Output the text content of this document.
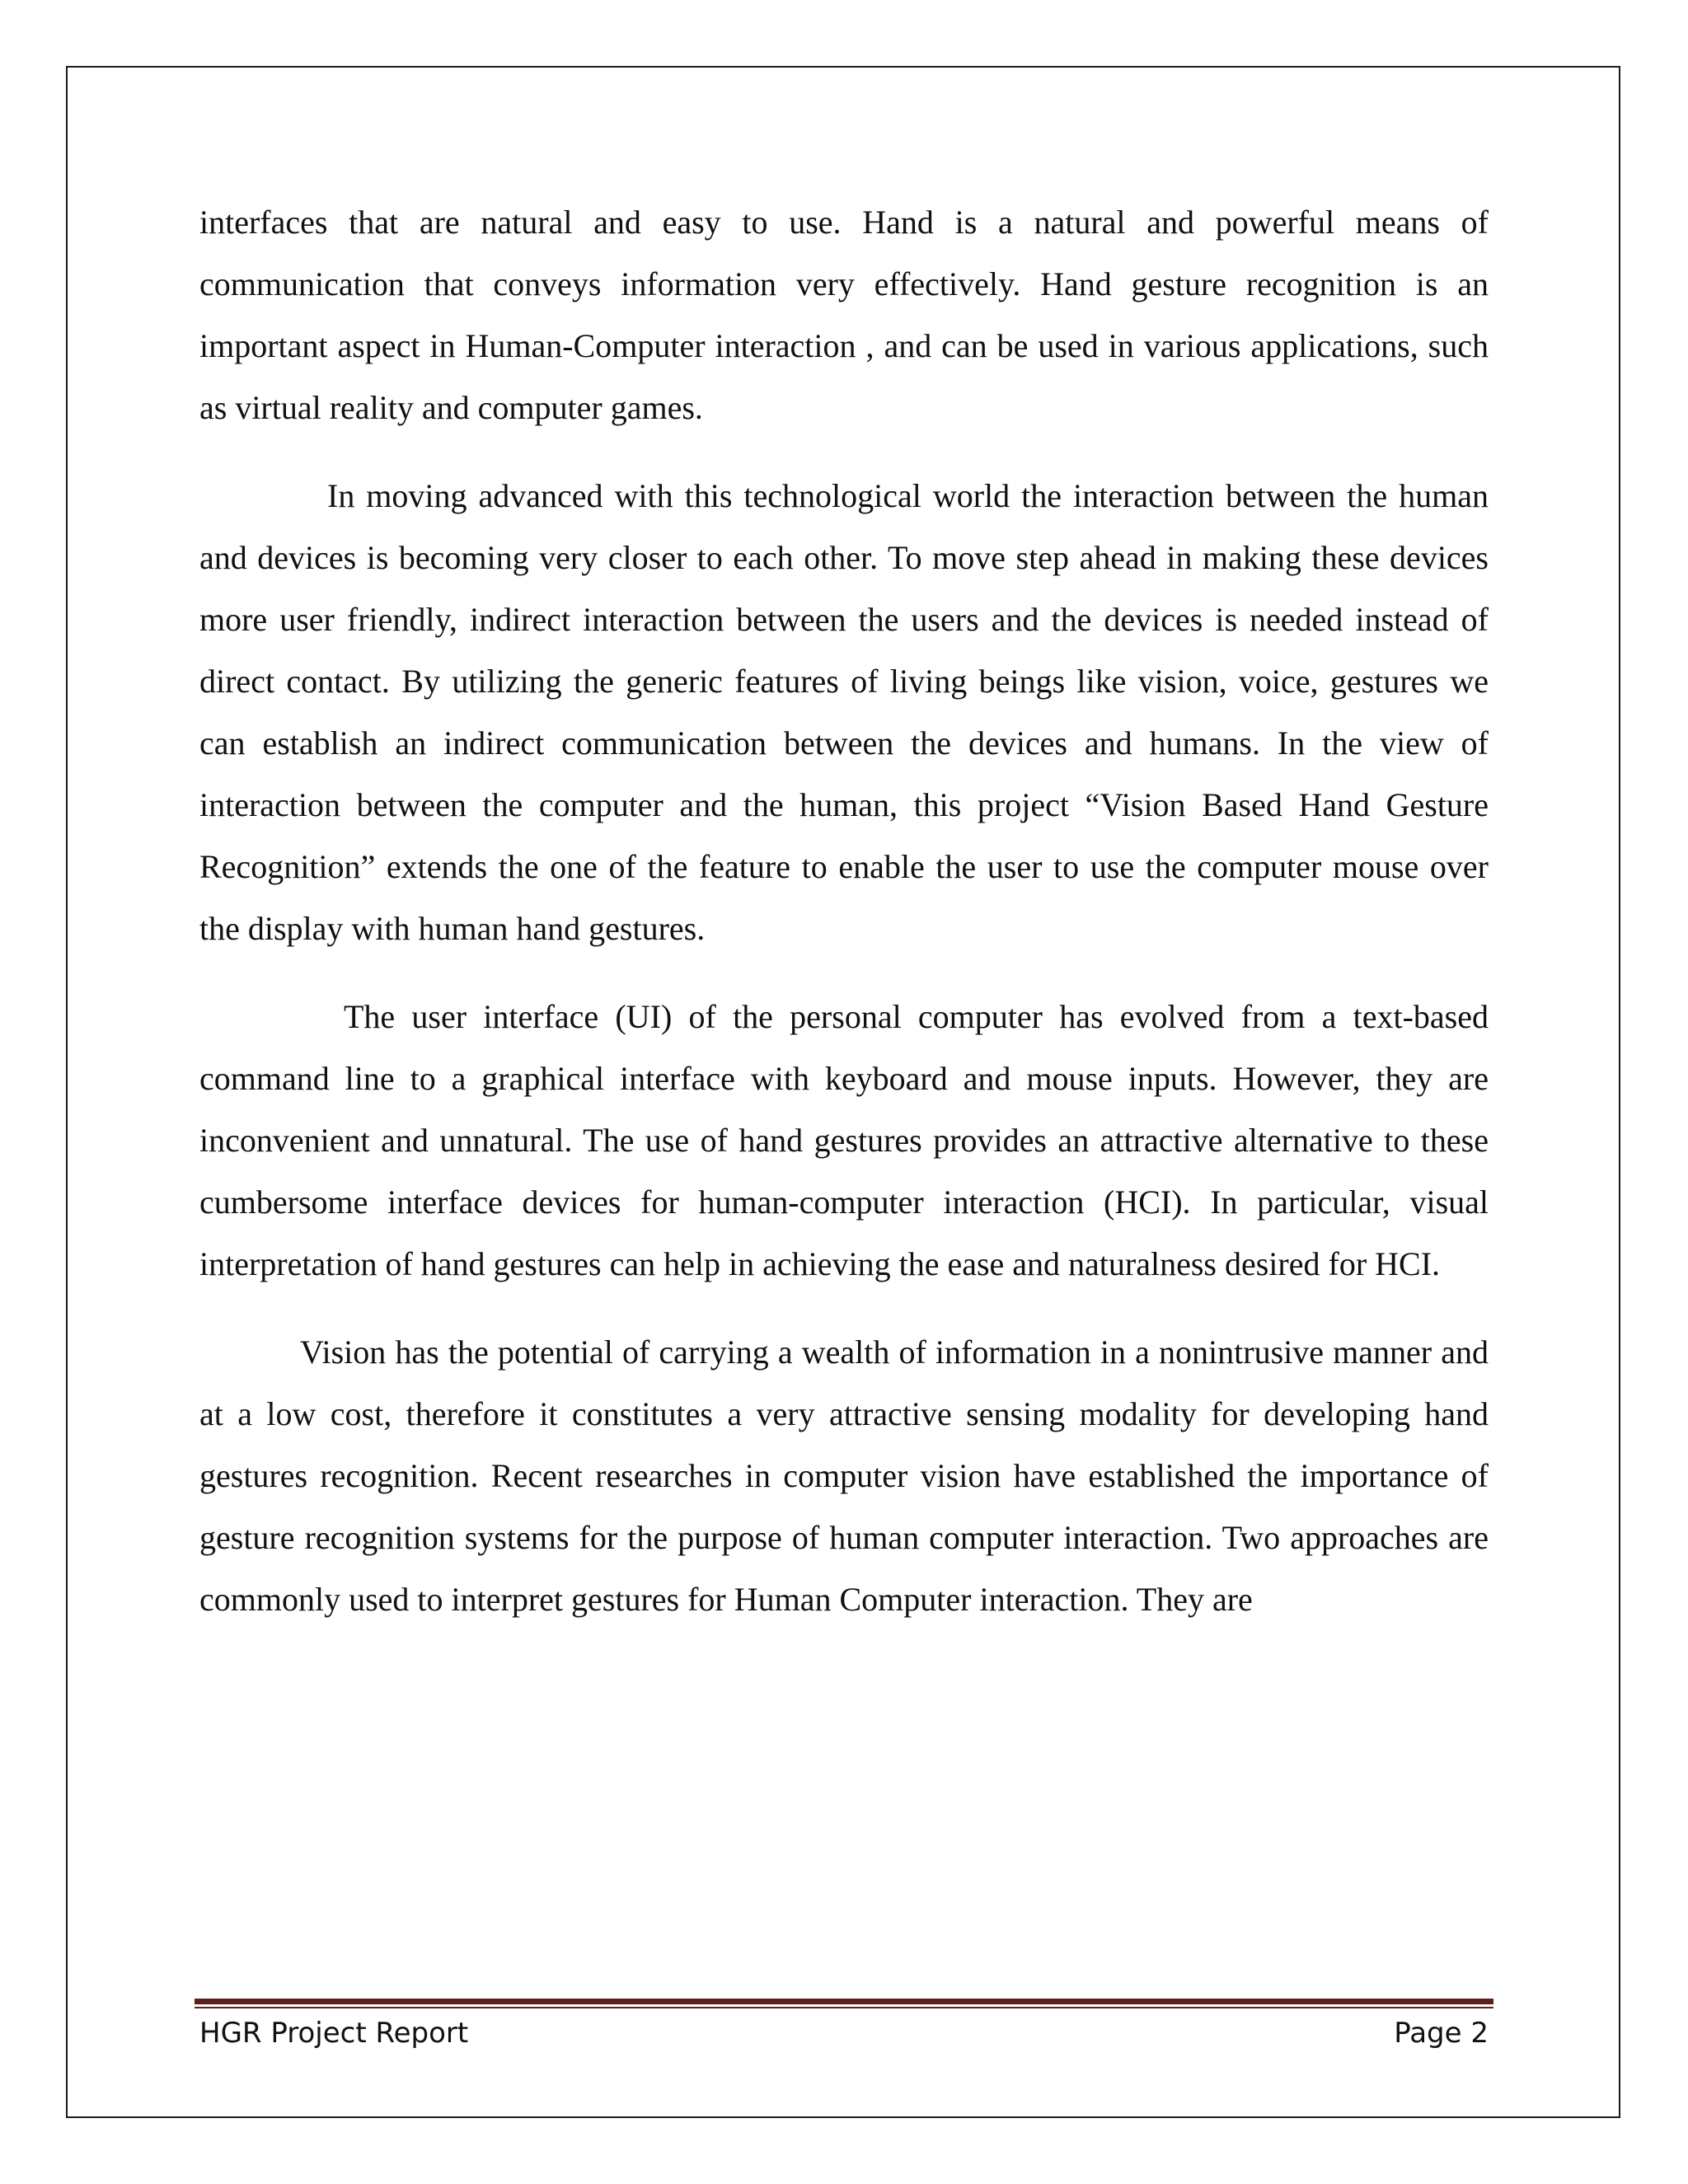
interfaces that are natural and easy to use. Hand is a natural and powerful means of communication that conveys information very effectively. Hand gesture recognition is an important aspect in Human-Computer interaction , and can be used in various applications, such as virtual reality and computer games.

In moving advanced with this technological world the interaction between the human and devices is becoming very closer to each other. To move step ahead in making these devices more user friendly, indirect interaction between the users and the devices is needed instead of direct contact. By utilizing the generic features of living beings like vision, voice, gestures we can establish an indirect communication between the devices and humans. In the view of interaction between the computer and the human, this project “Vision Based Hand Gesture Recognition” extends the one of the feature to enable the user to use the computer mouse over the display with human hand gestures.

The user interface (UI) of the personal computer has evolved from a text-based command line to a graphical interface with keyboard and mouse inputs. However, they are inconvenient and unnatural. The use of hand gestures provides an attractive alternative to these cumbersome interface devices for human-computer interaction (HCI). In particular, visual interpretation of hand gestures can help in achieving the ease and naturalness desired for HCI.

Vision has the potential of carrying a wealth of information in a nonintrusive manner and at a low cost, therefore it constitutes a very attractive sensing modality for developing hand gestures recognition. Recent researches in computer vision have established the importance of gesture recognition systems for the purpose of human computer interaction. Two approaches are commonly used to interpret gestures for Human Computer interaction. They are

HGR Project Report	Page 2
